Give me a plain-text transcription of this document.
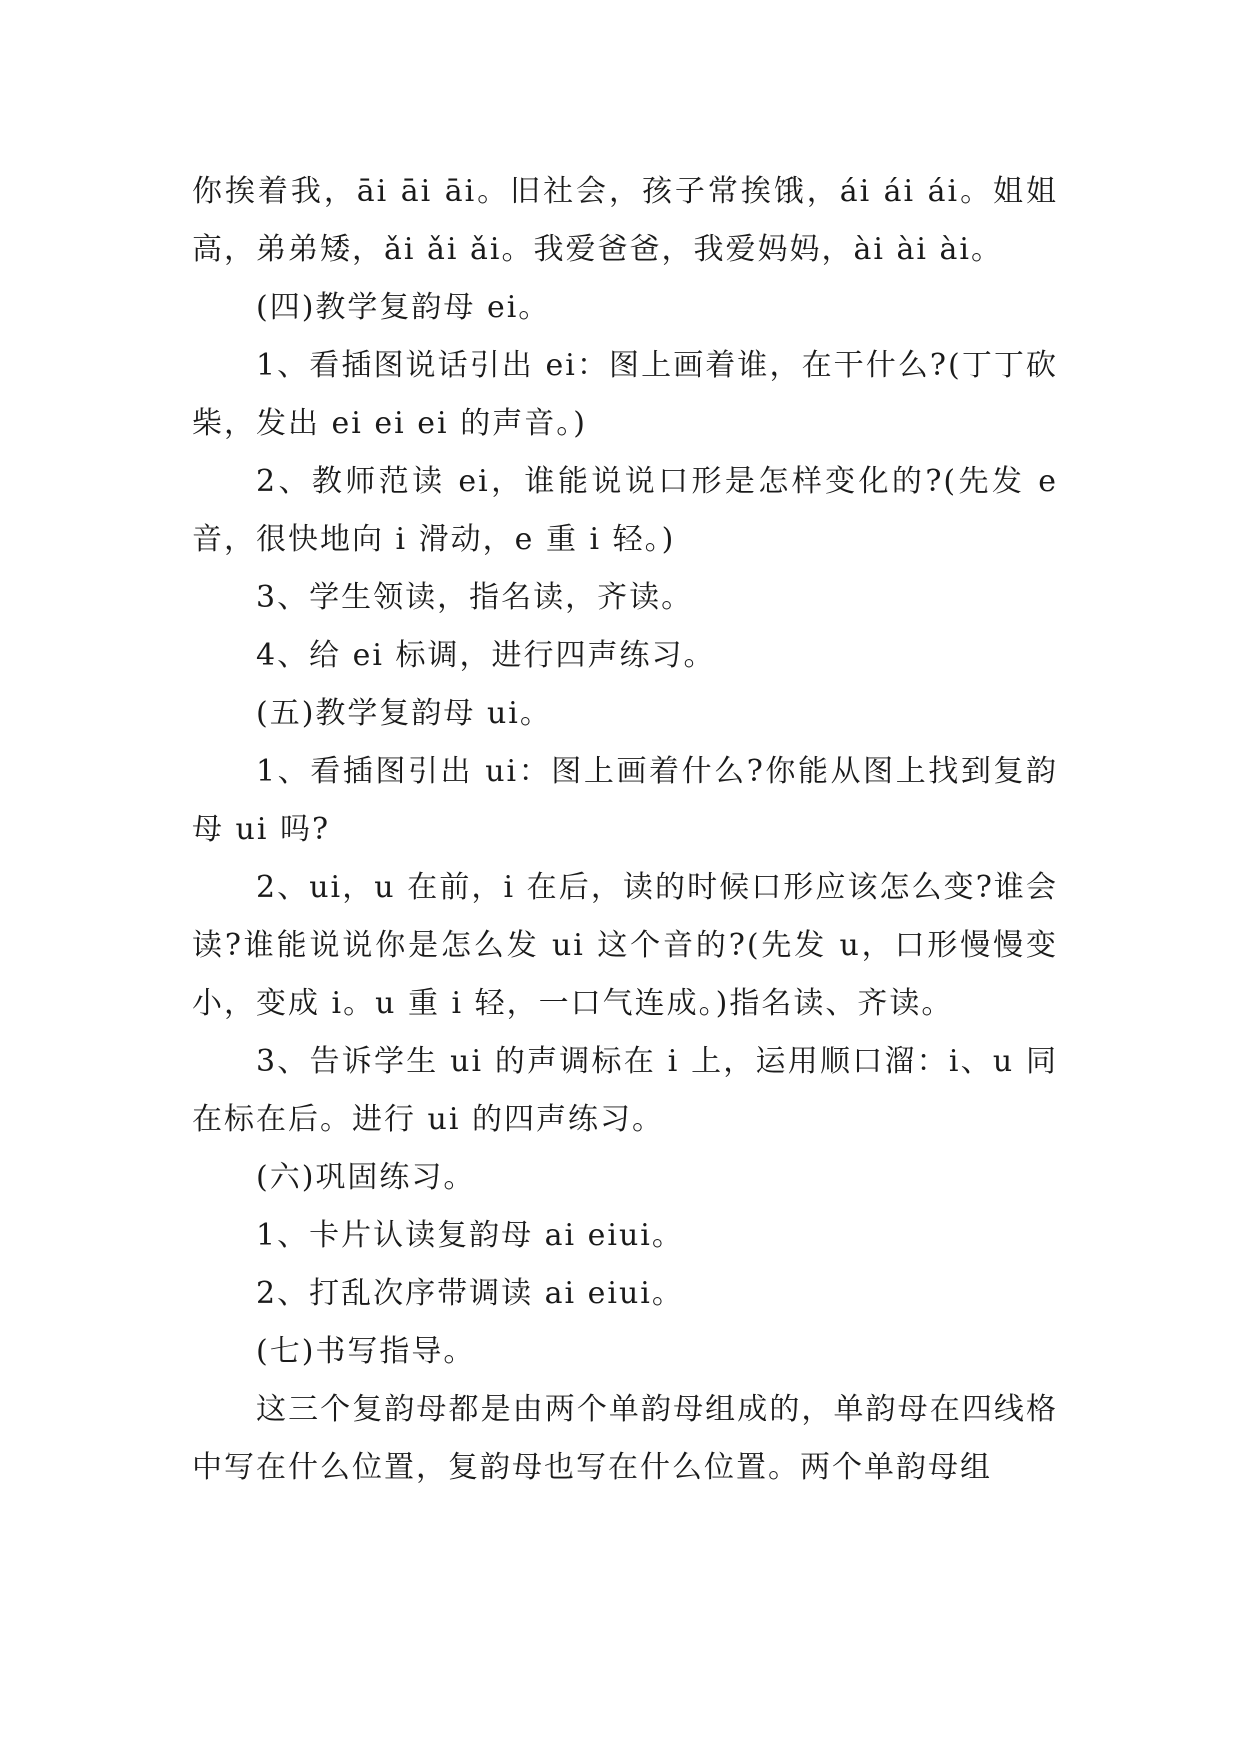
你挨着我，āi āi āi。旧社会，孩子常挨饿，ái ái ái。姐姐高，弟弟矮，ǎi ǎi ǎi。我爱爸爸，我爱妈妈，ài ài ài。

(四)教学复韵母 ei。

1、看插图说话引出 ei：图上画着谁，在干什么?(丁丁砍柴，发出 ei ei ei 的声音。)

2、教师范读 ei，谁能说说口形是怎样变化的?(先发 e 音，很快地向 i 滑动，e 重 i 轻。)

3、学生领读，指名读，齐读。

4、给 ei 标调，进行四声练习。

(五)教学复韵母 ui。

1、看插图引出 ui：图上画着什么?你能从图上找到复韵母 ui 吗?

2、ui，u 在前，i 在后，读的时候口形应该怎么变?谁会读?谁能说说你是怎么发 ui 这个音的?(先发 u，口形慢慢变小，变成 i。u 重 i 轻，一口气连成。)指名读、齐读。

3、告诉学生 ui 的声调标在 i 上，运用顺口溜：i、u 同在标在后。进行 ui 的四声练习。

(六)巩固练习。

1、卡片认读复韵母 ai eiui。

2、打乱次序带调读 ai eiui。

(七)书写指导。

这三个复韵母都是由两个单韵母组成的，单韵母在四线格中写在什么位置，复韵母也写在什么位置。两个单韵母组
